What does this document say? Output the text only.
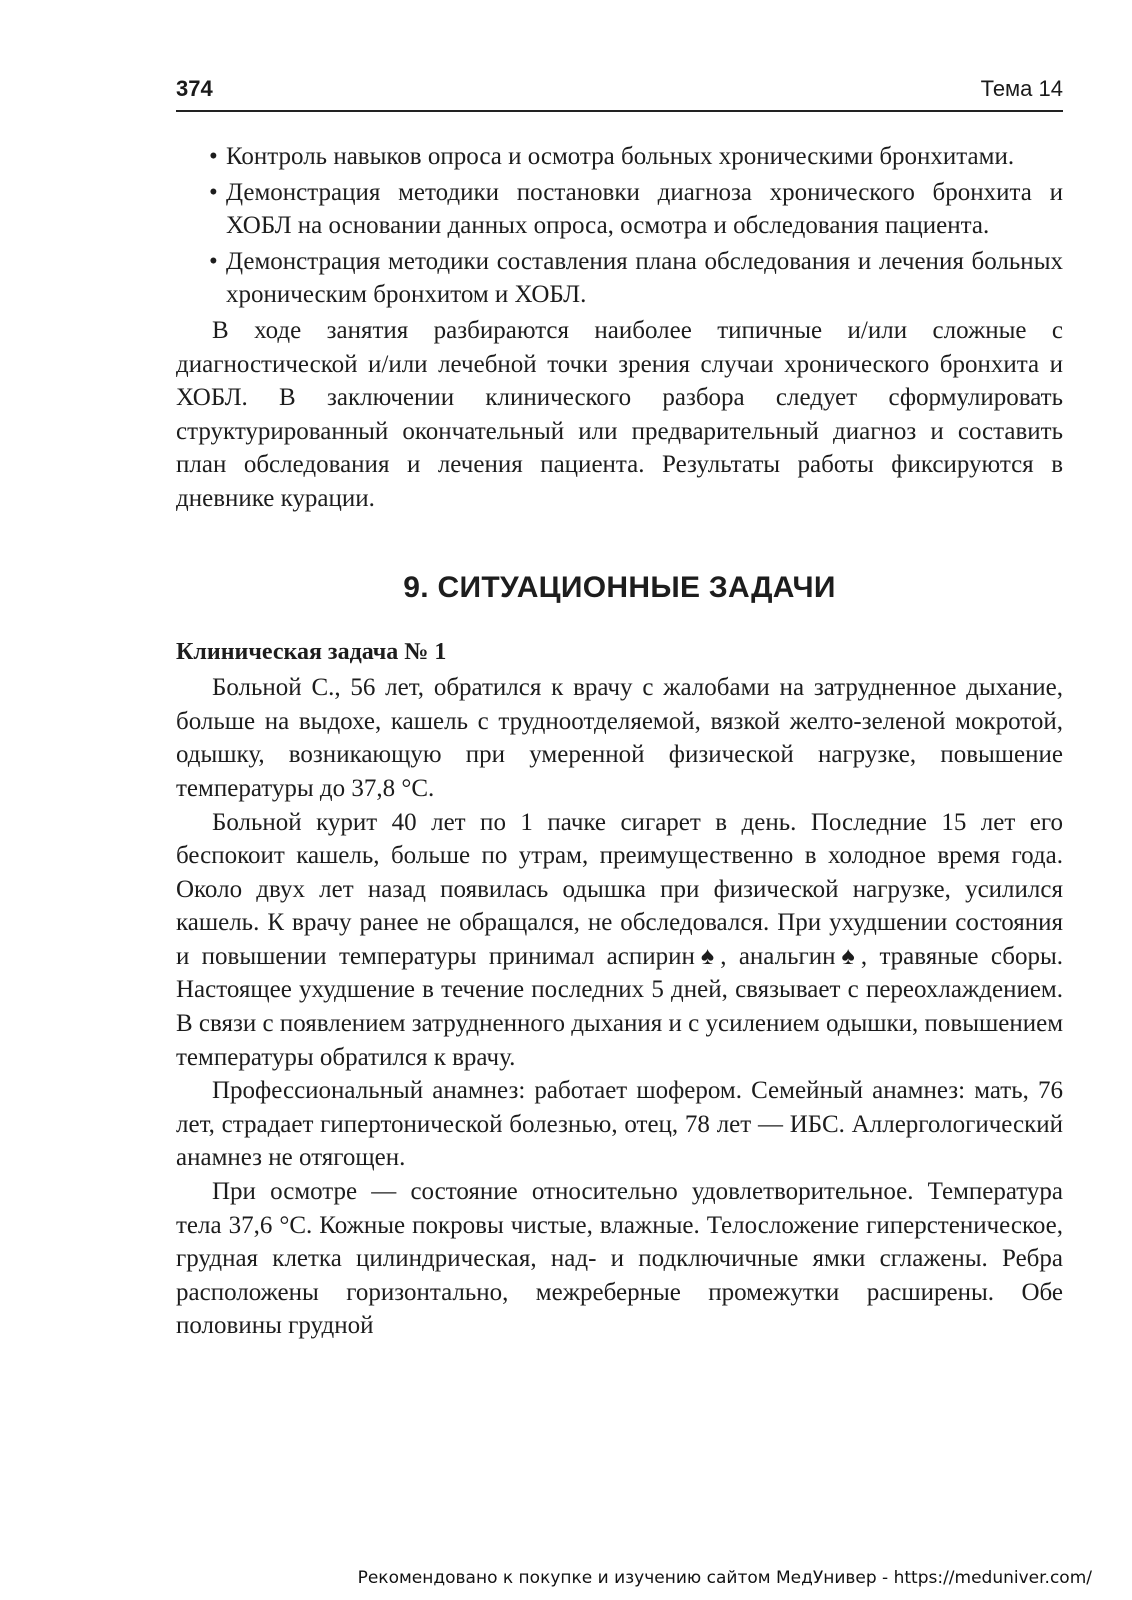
374	Тема 14
• Контроль навыков опроса и осмотра больных хроническими бронхитами.
• Демонстрация методики постановки диагноза хронического бронхита и ХОБЛ на основании данных опроса, осмотра и обследования пациента.
• Демонстрация методики составления плана обследования и лечения больных хроническим бронхитом и ХОБЛ.

В ходе занятия разбираются наиболее типичные и/или сложные с диагностической и/или лечебной точки зрения случаи хронического бронхита и ХОБЛ. В заключении клинического разбора следует сформулировать структурированный окончательный или предварительный диагноз и составить план обследования и лечения пациента. Результаты работы фиксируются в дневнике курации.

9. СИТУАЦИОННЫЕ ЗАДАЧИ
Клиническая задача № 1

Больной С., 56 лет, обратился к врачу с жалобами на затрудненное дыхание, больше на выдохе, кашель с трудноотделяемой, вязкой желто-зеленой мокротой, одышку, возникающую при умеренной физической нагрузке, повышение температуры до 37,8 °С.

Больной курит 40 лет по 1 пачке сигарет в день. Последние 15 лет его беспокоит кашель, больше по утрам, преимущественно в холодное время года. Около двух лет назад появилась одышка при физической нагрузке, усилился кашель. К врачу ранее не обращался, не обследовался. При ухудшении состояния и повышении температуры принимал аспирин♠, анальгин♠, травяные сборы. Настоящее ухудшение в течение последних 5 дней, связывает с переохлаждением. В связи с появлением затрудненного дыхания и с усилением одышки, повышением температуры обратился к врачу.

Профессиональный анамнез: работает шофером. Семейный анамнез: мать, 76 лет, страдает гипертонической болезнью, отец, 78 лет — ИБС. Аллергологический анамнез не отягощен.

При осмотре — состояние относительно удовлетворительное. Температура тела 37,6 °С. Кожные покровы чистые, влажные. Телосложение гиперстеническое, грудная клетка цилиндрическая, над- и подключичные ямки сглажены. Ребра расположены горизонтально, межреберные промежутки расширены. Обе половины грудной

Рекомендовано к покупке и изучению сайтом МедУнивер - https://meduniver.com/
